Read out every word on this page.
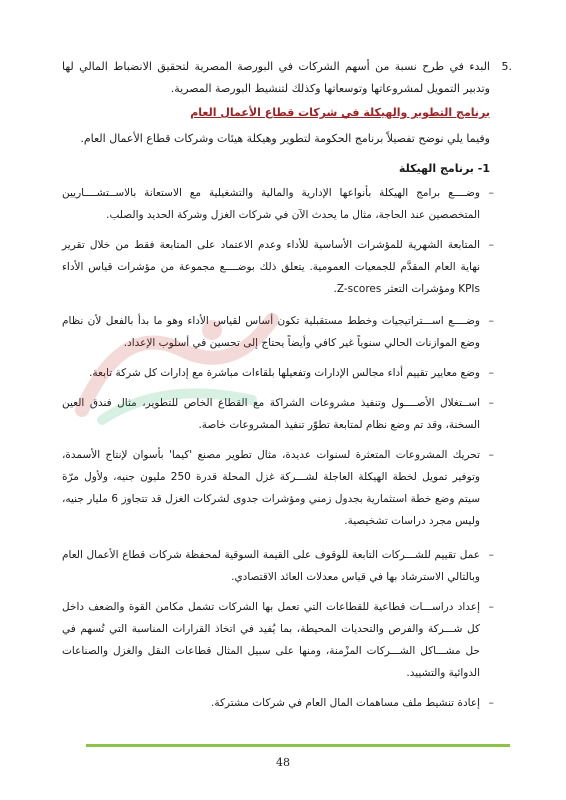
5.
البدء في طرح نسبة من أسهم الشركات في البورصة المصرية لتحقيق الانضباط المالي لها وتدبير التمويل لمشروعاتها وتوسعاتها وكذلك لتنشيط البورصة المصرية.
برنامج التطوير والهيكلة في شركات قطاع الأعمال العام
وفيما يلي نوضح تفصيلاً برنامج الحكومة لتطوير وهيكلة هيئات وشركات قطاع الأعمال العام.
1- برنامج الهيكلة
–
وضــــع برامج الهيكلة بأنواعها الإدارية والمالية والتشغيلية مع الاستعانة بالاســتشــــاريين المتخصصين عند الحاجة، مثال ما يحدث الآن في شركات الغزل وشركة الحديد والصلب.
–
المتابعة الشهرية للمؤشرات الأساسية للأداء وعدم الاعتماد على المتابعة فقط من خلال تقرير نهاية العام المقدَّم للجمعيات العمومية. يتعلق ذلك بوضــــع مجموعة من مؤشرات قياس الأداء KPIs ومؤشرات التعثر Z-scores.
–
وضــــع اســـتراتيجيات وخطط مستقبلية تكون أساس لقياس الأداء وهو ما بدأ بالفعل لأن نظام وضع الموازنات الحالي سنوياً غير كافي وأيضاً يحتاج إلى تحسين في أسلوب الإعداد.
–
وضع معايير تقييم أداء مجالس الإدارات وتفعيلها بلقاءات مباشرة مع إدارات كل شركة تابعة.
–
اســتغلال الأصــــول وتنفيذ مشروعات الشراكة مع القطاع الخاص للتطوير، مثال فندق العين السخنة، وقد تم وضع نظام لمتابعة تطوّر تنفيذ المشروعات خاصة.
–
تحريك المشروعات المتعثرة لسنوات عديدة، مثال تطوير مصنع 'كيما' بأسوان لإنتاج الأسمدة، وتوفير تمويل لخطة الهيكلة العاجلة لشـــركة غزل المحلة قدرة 250 مليون جنيه، ولأول مرّة سيتم وضع خطة استثمارية بجدول زمني ومؤشرات جدوى لشركات الغزل قد تتجاوز 6 مليار جنيه، وليس مجرد دراسات تشخيصية.
–
عمل تقييم للشـــركات التابعة للوقوف على القيمة السوقية لمحفظة شركات قطاع الأعمال العام وبالتالي الاسترشاد بها في قياس معدلات العائد الاقتصادي.
–
إعداد دراســـات قطاعية للقطاعات التي تعمل بها الشركات تشمل مكامن القوة والضعف داخل كل شـــركة والفرص والتحديات المحيطة، بما يُفيد في اتخاذ القرارات المناسبة التي تُسهم في حل مشـــاكل الشـــركات المزْمنة، ومنها على سبيل المثال قطاعات النقل والغزل والصناعات الدوائية والتشييد.
–
إعادة تنشيط ملف مساهمات المال العام في شركات مشتركة.
48
